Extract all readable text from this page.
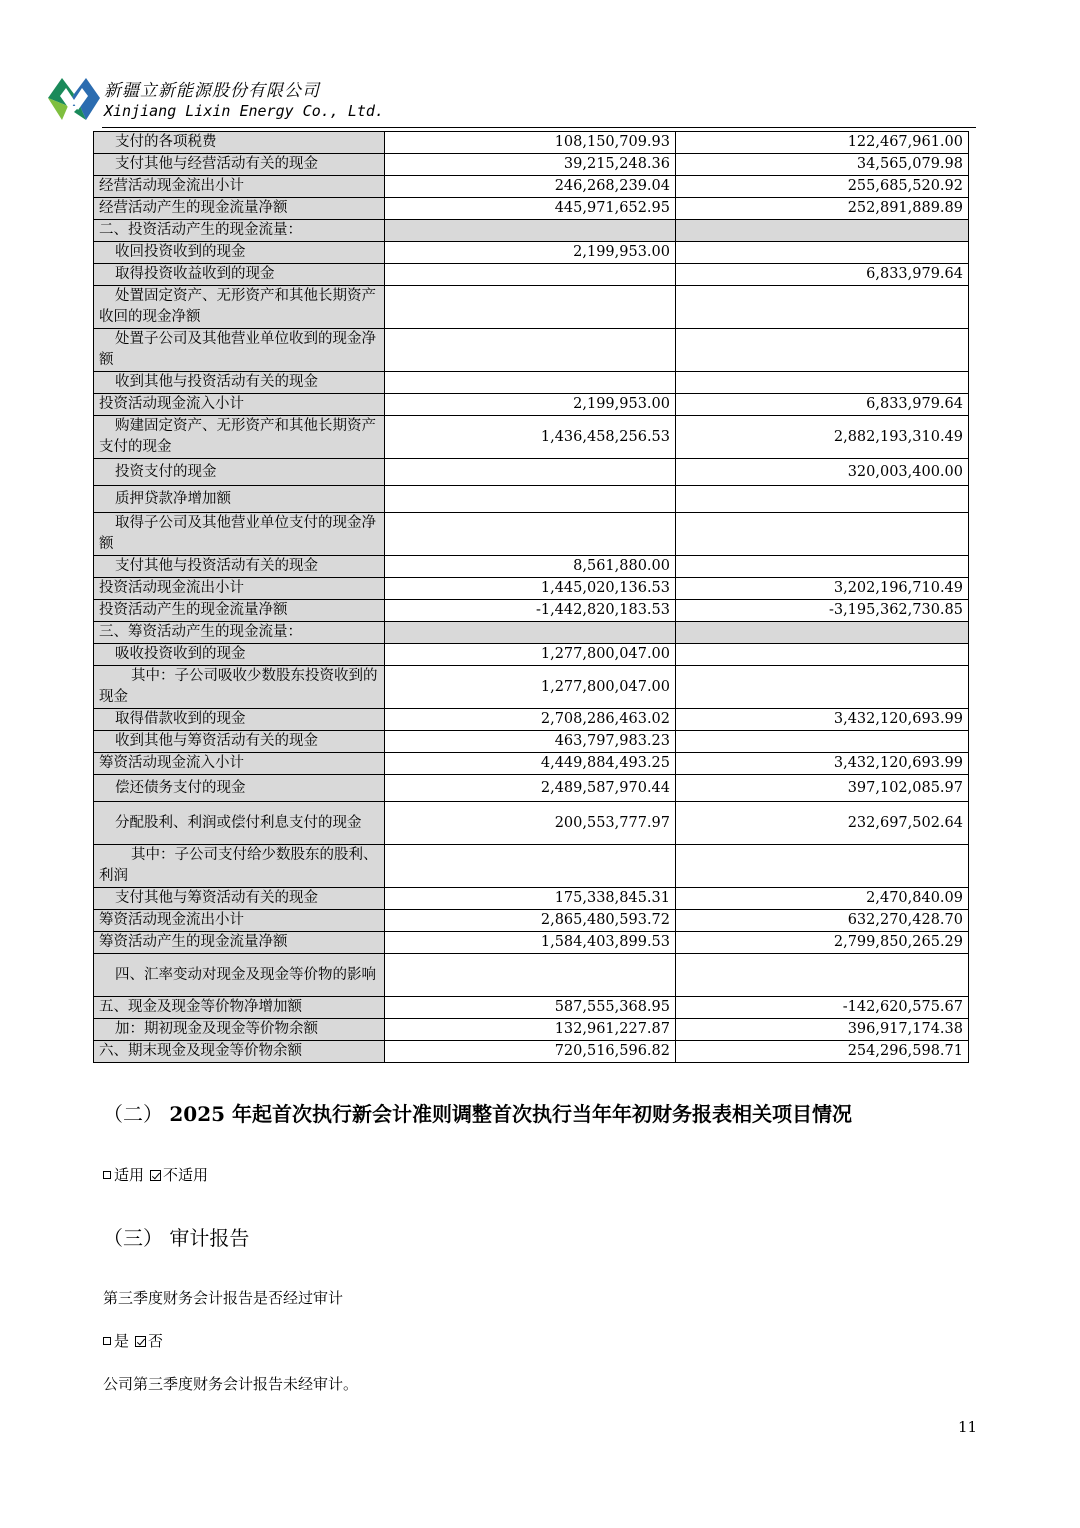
新疆立新能源股份有限公司
Xinjiang Lixin Energy Co., Ltd.
支付的各项税费	108,150,709.93	122,467,961.00
支付其他与经营活动有关的现金	39,215,248.36	34,565,079.98
经营活动现金流出小计	246,268,239.04	255,685,520.92
经营活动产生的现金流量净额	445,971,652.95	252,891,889.89
二、投资活动产生的现金流量：		
收回投资收到的现金	2,199,953.00	
取得投资收益收到的现金		6,833,979.64
处置固定资产、无形资产和其他长期资产收回的现金净额		
处置子公司及其他营业单位收到的现金净额		
收到其他与投资活动有关的现金		
投资活动现金流入小计	2,199,953.00	6,833,979.64
购建固定资产、无形资产和其他长期资产支付的现金	1,436,458,256.53	2,882,193,310.49
投资支付的现金		320,003,400.00
质押贷款净增加额		
取得子公司及其他营业单位支付的现金净额		
支付其他与投资活动有关的现金	8,561,880.00	
投资活动现金流出小计	1,445,020,136.53	3,202,196,710.49
投资活动产生的现金流量净额	-1,442,820,183.53	-3,195,362,730.85
三、筹资活动产生的现金流量：		
吸收投资收到的现金	1,277,800,047.00	
其中：子公司吸收少数股东投资收到的现金	1,277,800,047.00	
取得借款收到的现金	2,708,286,463.02	3,432,120,693.99
收到其他与筹资活动有关的现金	463,797,983.23	
筹资活动现金流入小计	4,449,884,493.25	3,432,120,693.99
偿还债务支付的现金	2,489,587,970.44	397,102,085.97
分配股利、利润或偿付利息支付的现金	200,553,777.97	232,697,502.64
其中：子公司支付给少数股东的股利、利润		
支付其他与筹资活动有关的现金	175,338,845.31	2,470,840.09
筹资活动现金流出小计	2,865,480,593.72	632,270,428.70
筹资活动产生的现金流量净额	1,584,403,899.53	2,799,850,265.29
四、汇率变动对现金及现金等价物的影响		
五、现金及现金等价物净增加额	587,555,368.95	-142,620,575.67
加：期初现金及现金等价物余额	132,961,227.87	396,917,174.38
六、期末现金及现金等价物余额	720,516,596.82	254,296,598.71
（二） 2025 年起首次执行新会计准则调整首次执行当年年初财务报表相关项目情况
适用 不适用
（三） 审计报告
第三季度财务会计报告是否经过审计
是 否
公司第三季度财务会计报告未经审计。
11
